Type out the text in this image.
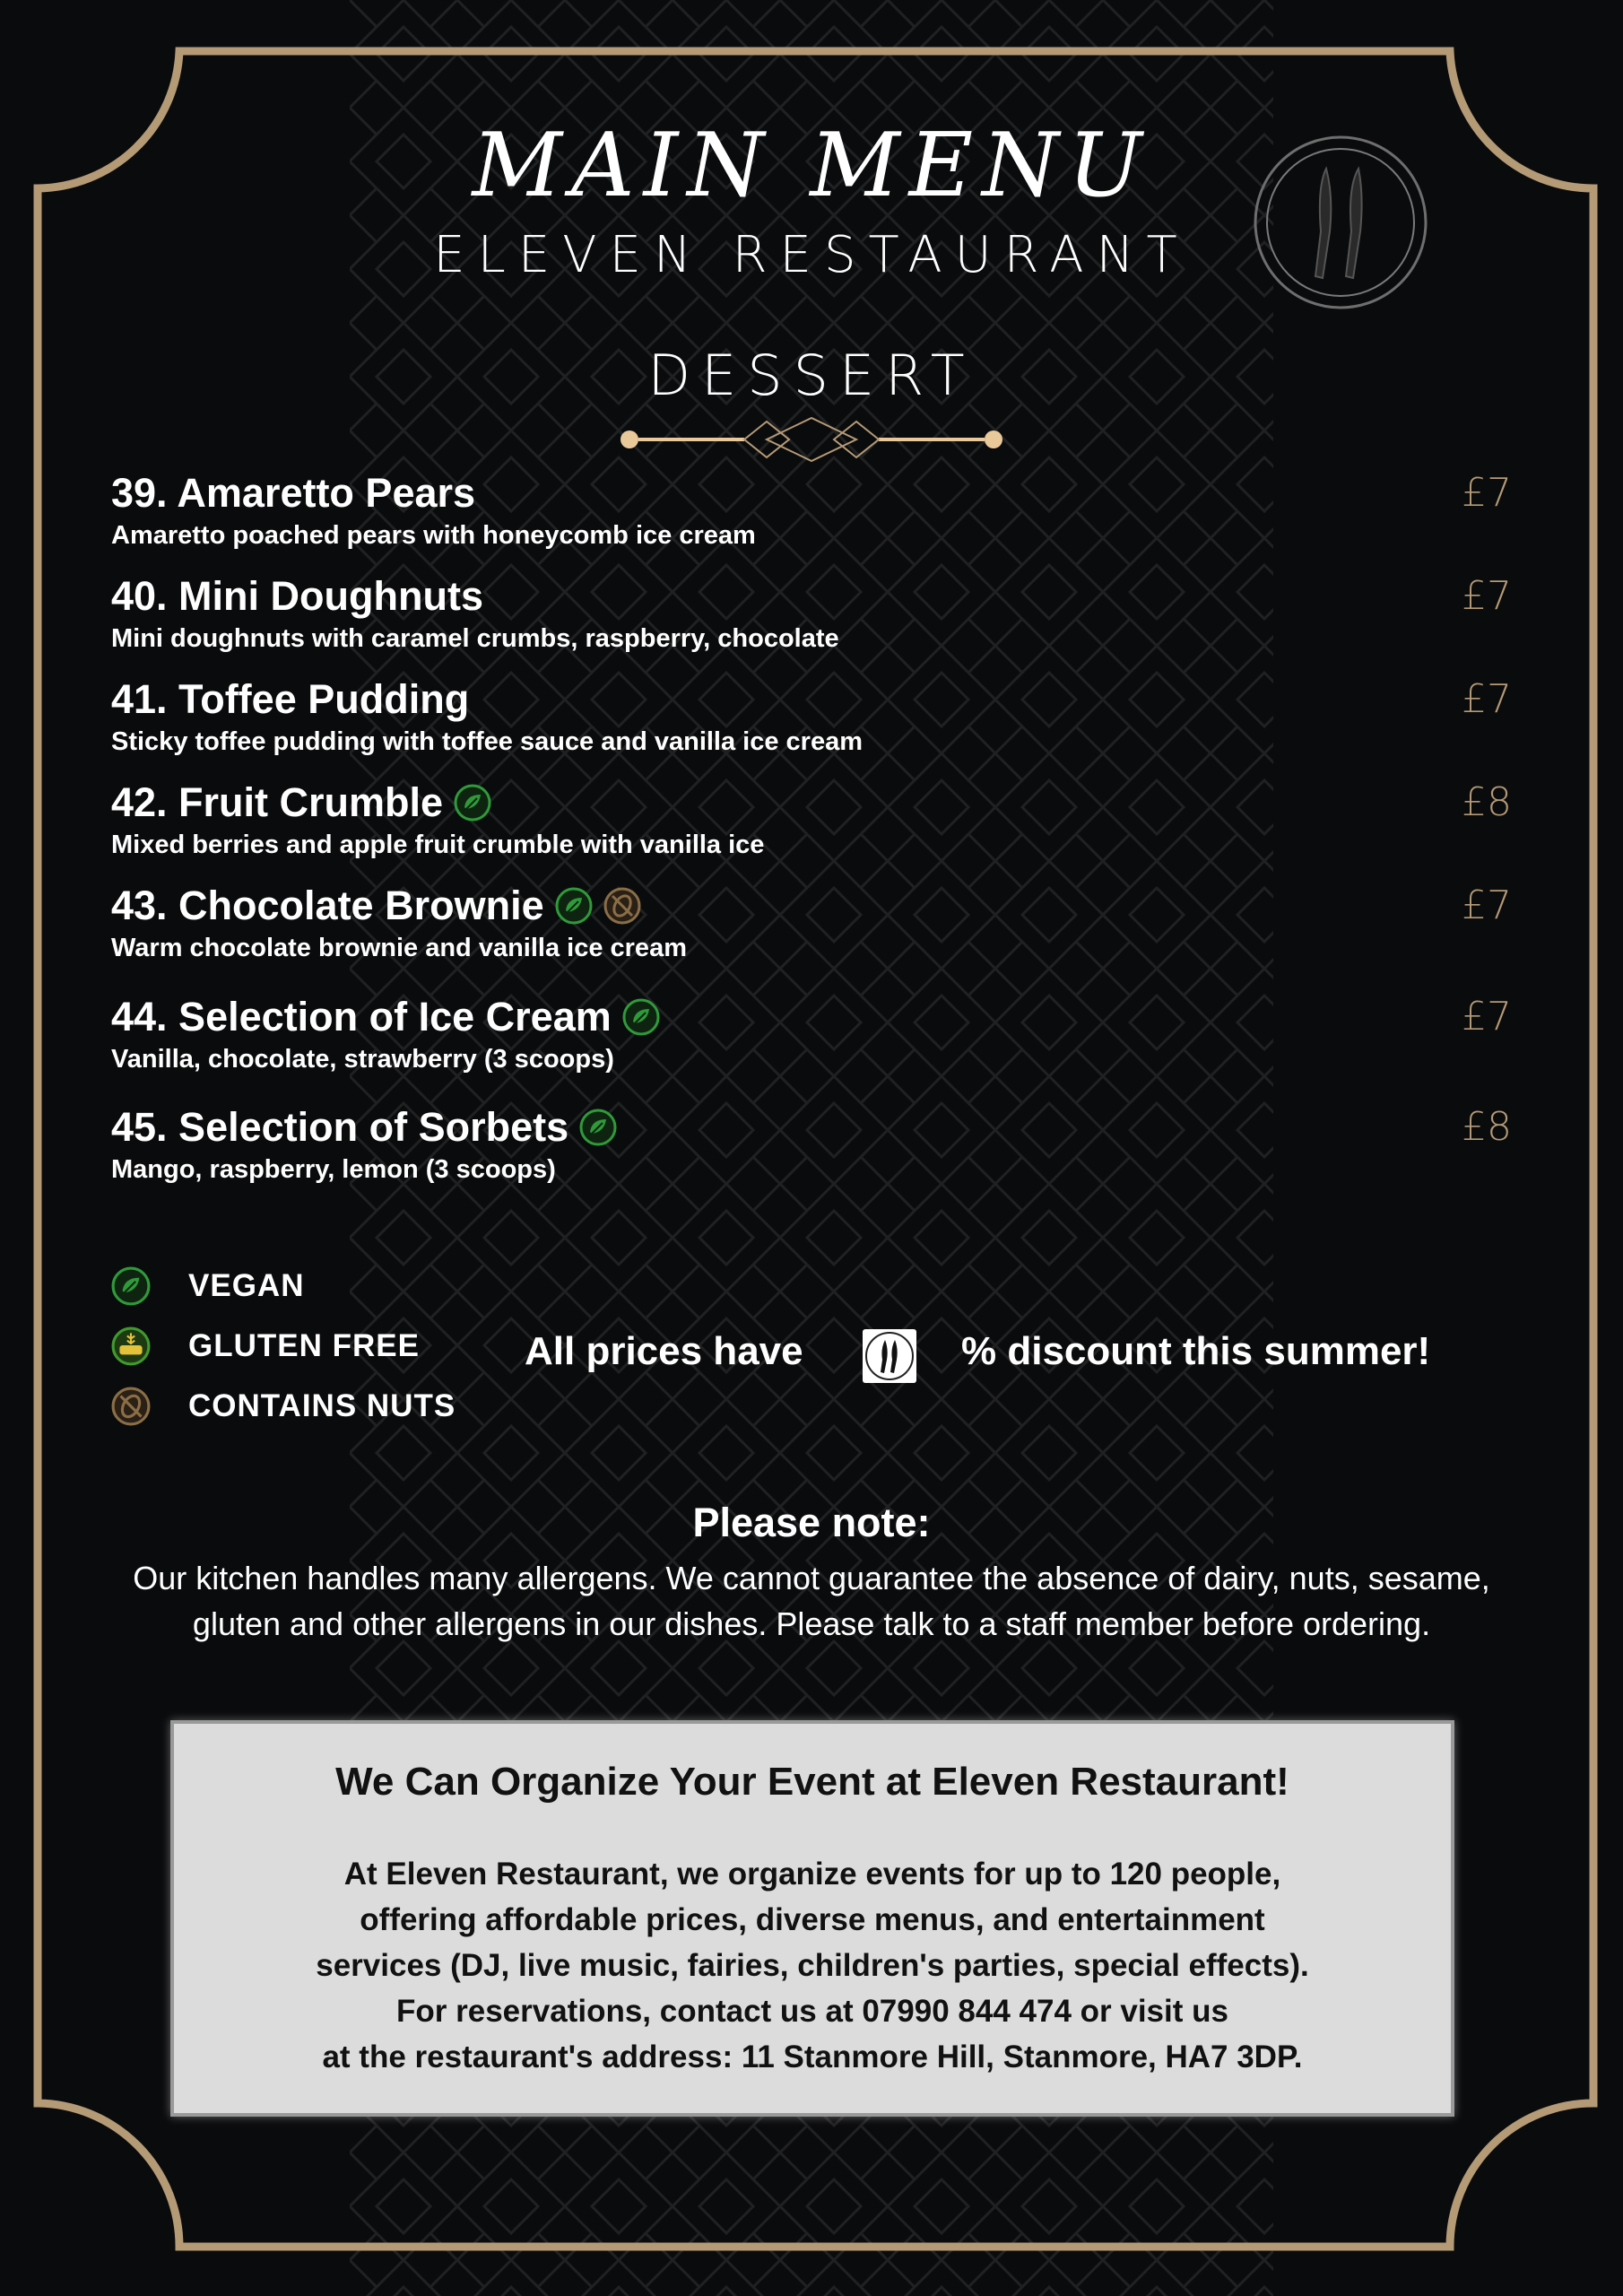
MAIN MENU
ELEVEN RESTAURANT
DESSERT
39. Amaretto Pears
Amaretto poached pears with honeycomb ice cream
£7
40. Mini Doughnuts
Mini doughnuts with caramel crumbs, raspberry, chocolate
£7
41. Toffee Pudding
Sticky toffee pudding with toffee sauce and vanilla ice cream
£7
42. Fruit Crumble
Mixed berries and apple fruit crumble with vanilla ice
£8
43. Chocolate Brownie
Warm chocolate brownie and vanilla ice cream
£7
44. Selection of Ice Cream
Vanilla, chocolate, strawberry (3 scoops)
£7
45. Selection of Sorbets
Mango, raspberry, lemon (3 scoops)
£8
VEGAN
GLUTEN FREE
CONTAINS NUTS
All prices have	% discount this summer!
Please note:
Our kitchen handles many allergens. We cannot guarantee the absence of dairy, nuts, sesame, gluten and other allergens in our dishes. Please talk to a staff member before ordering.
We Can Organize Your Event at Eleven Restaurant!
At Eleven Restaurant, we organize events for up to 120 people,
offering affordable prices, diverse menus, and entertainment
services (DJ, live music, fairies, children's parties, special effects).
For reservations, contact us at 07990 844 474 or visit us
at the restaurant's address: 11 Stanmore Hill, Stanmore, HA7 3DP.
